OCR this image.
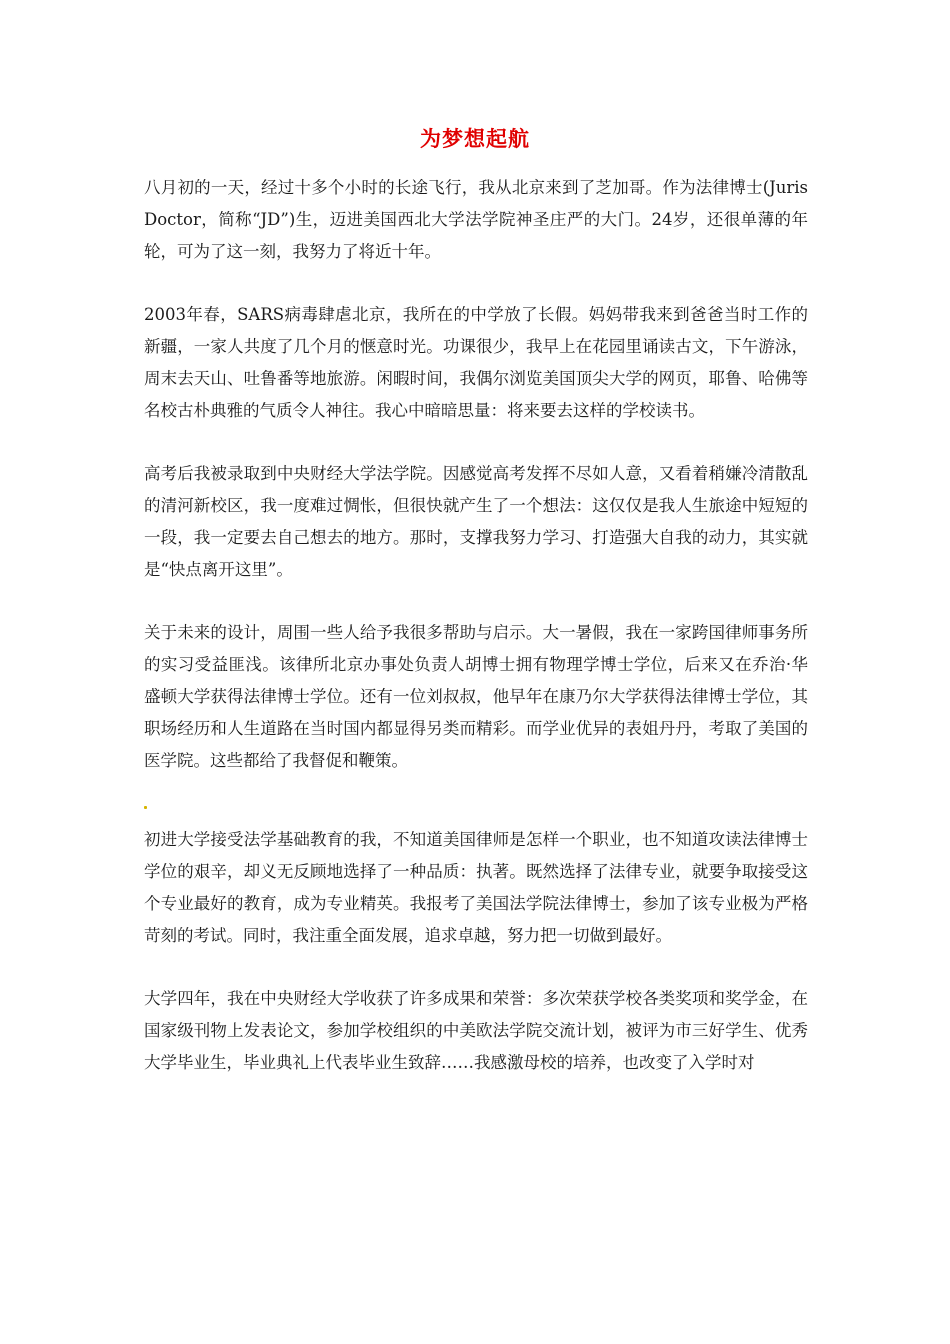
为梦想起航

八月初的一天，经过十多个小时的长途飞行，我从北京来到了芝加哥。作为法律博士(JurisDoctor，简称“JD”)生，迈进美国西北大学法学院神圣庄严的大门。24岁，还很单薄的年轮，可为了这一刻，我努力了将近十年。

2003年春，SARS病毒肆虐北京，我所在的中学放了长假。妈妈带我来到爸爸当时工作的新疆，一家人共度了几个月的惬意时光。功课很少，我早上在花园里诵读古文，下午游泳，周末去天山、吐鲁番等地旅游。闲暇时间，我偶尔浏览美国顶尖大学的网页，耶鲁、哈佛等名校古朴典雅的气质令人神往。我心中暗暗思量：将来要去这样的学校读书。

高考后我被录取到中央财经大学法学院。因感觉高考发挥不尽如人意，又看着稍嫌冷清散乱的清河新校区，我一度难过惆怅，但很快就产生了一个想法：这仅仅是我人生旅途中短短的一段，我一定要去自己想去的地方。那时，支撑我努力学习、打造强大自我的动力，其实就是“快点离开这里”。

关于未来的设计，周围一些人给予我很多帮助与启示。大一暑假，我在一家跨国律师事务所的实习受益匪浅。该律所北京办事处负责人胡博士拥有物理学博士学位，后来又在乔治·华盛顿大学获得法律博士学位。还有一位刘叔叔，他早年在康乃尔大学获得法律博士学位，其职场经历和人生道路在当时国内都显得另类而精彩。而学业优异的表姐丹丹，考取了美国的医学院。这些都给了我督促和鞭策。

初进大学接受法学基础教育的我，不知道美国律师是怎样一个职业，也不知道攻读法律博士学位的艰辛，却义无反顾地选择了一种品质：执著。既然选择了法律专业，就要争取接受这个专业最好的教育，成为专业精英。我报考了美国法学院法律博士，参加了该专业极为严格苛刻的考试。同时，我注重全面发展，追求卓越，努力把一切做到最好。

大学四年，我在中央财经大学收获了许多成果和荣誉：多次荣获学校各类奖项和奖学金，在国家级刊物上发表论文，参加学校组织的中美欧法学院交流计划，被评为市三好学生、优秀大学毕业生，毕业典礼上代表毕业生致辞……我感激母校的培养，也改变了入学时对
